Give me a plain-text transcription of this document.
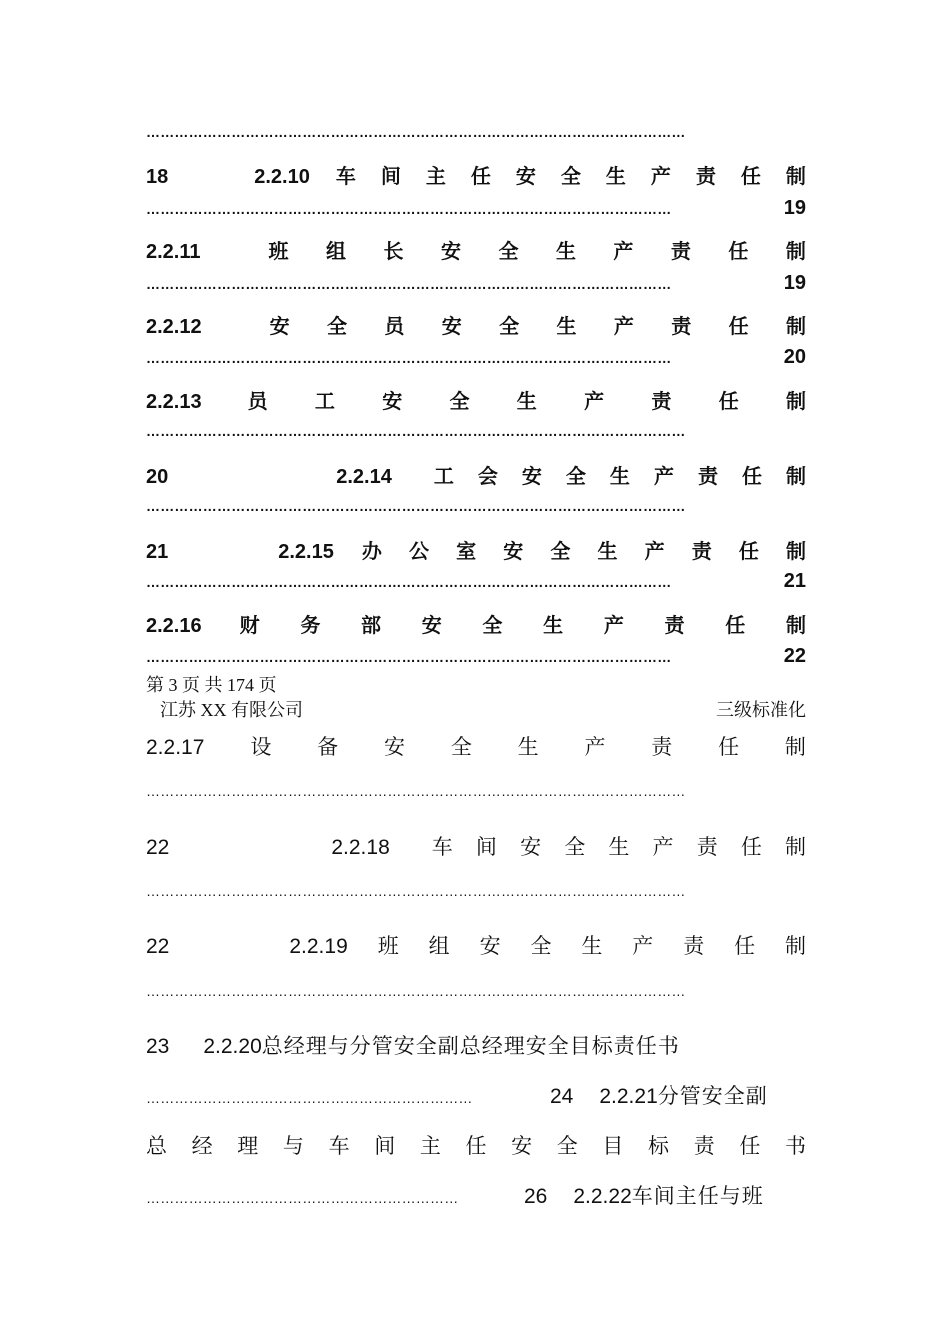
……………………………………………………………………………………………………
18	2.2.10 车 间 主 任 安 全 生 产 责 任 制
…………………………………………………………………………………………………	19
2.2.11	班 组 长 安 全 生 产 责 任 制
…………………………………………………………………………………………………	19
2.2.12	安 全 员 安 全 生 产 责 任 制
…………………………………………………………………………………………………	20
2.2.13 员 工 安 全 生 产 责 任 制
……………………………………………………………………………………………………
20	2.2.14 工 会 安 全 生 产 责 任 制
……………………………………………………………………………………………………
21	2.2.15 办 公 室 安 全 生 产 责 任 制
…………………………………………………………………………………………………	21
2.2.16 财 务 部 安 全 生 产 责 任 制
…………………………………………………………………………………………………	22
第 3 页 共 174 页
江苏 XX 有限公司	三级标准化
2.2.17 设 备 安 全 生 产 责 任 制
……………………………………………………………………………………………………
22	2.2.18 车 间 安 全 生 产 责 任 制
……………………………………………………………………………………………………
22	2.2.19 班 组 安 全 生 产 责 任 制
……………………………………………………………………………………………………
23 2.2.20 总经理与分管安全副总经理安全目标责任书
……………………………………………………………	24 2.2.21 分管安全副
总 经 理 与 车 间 主 任 安 全 目 标 责 任 书
…………………………………………………………	26 2.2.22 车间主任与班
